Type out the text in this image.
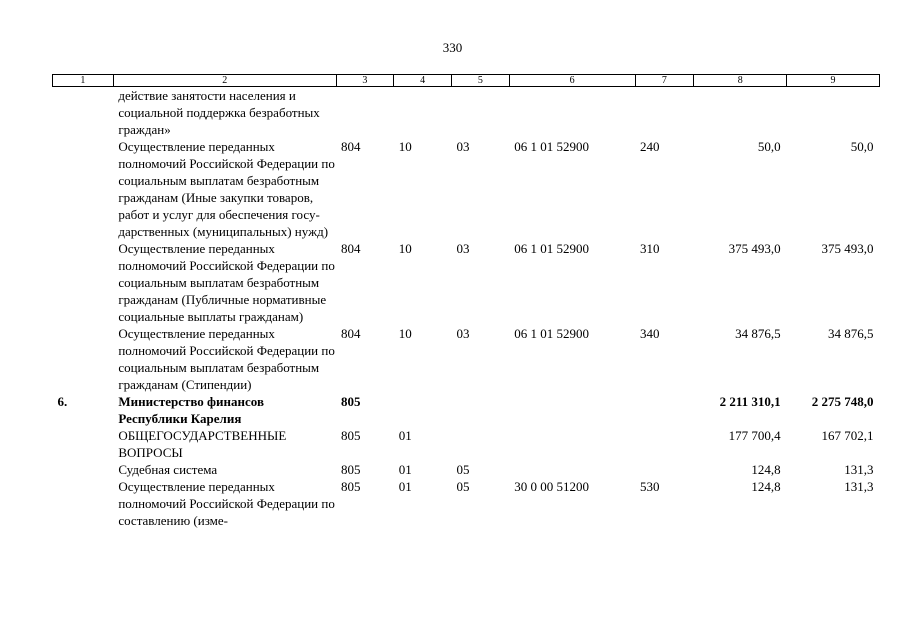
330
1	2	3	4	5	6	7	8	9
	действие занятости населения и социальной поддержка безработных граждан»							
	Осуществление переданных полномочий Российской Федерации по социальным выплатам безработным гражданам (Иные закупки товаров, работ и услуг для обеспечения государственных (муниципальных) нужд)	804	10	03	06 1 01 52900	240	50,0	50,0
	Осуществление переданных полномочий Российской Федерации по социальным выплатам безработным гражданам (Публичные нормативные социальные выплаты гражданам)	804	10	03	06 1 01 52900	310	375 493,0	375 493,0
	Осуществление переданных полномочий Российской Федерации по социальным выплатам безработным гражданам (Стипендии)	804	10	03	06 1 01 52900	340	34 876,5	34 876,5
6.	Министерство финансов Республики Карелия	805					2 211 310,1	2 275 748,0
	ОБЩЕГОСУДАРСТВЕННЫЕ ВОПРОСЫ	805	01				177 700,4	167 702,1
	Судебная система	805	01	05			124,8	131,3
	Осуществление переданных полномочий Российской Федерации по составлению (изме-	805	01	05	30 0 00 51200	530	124,8	131,3
